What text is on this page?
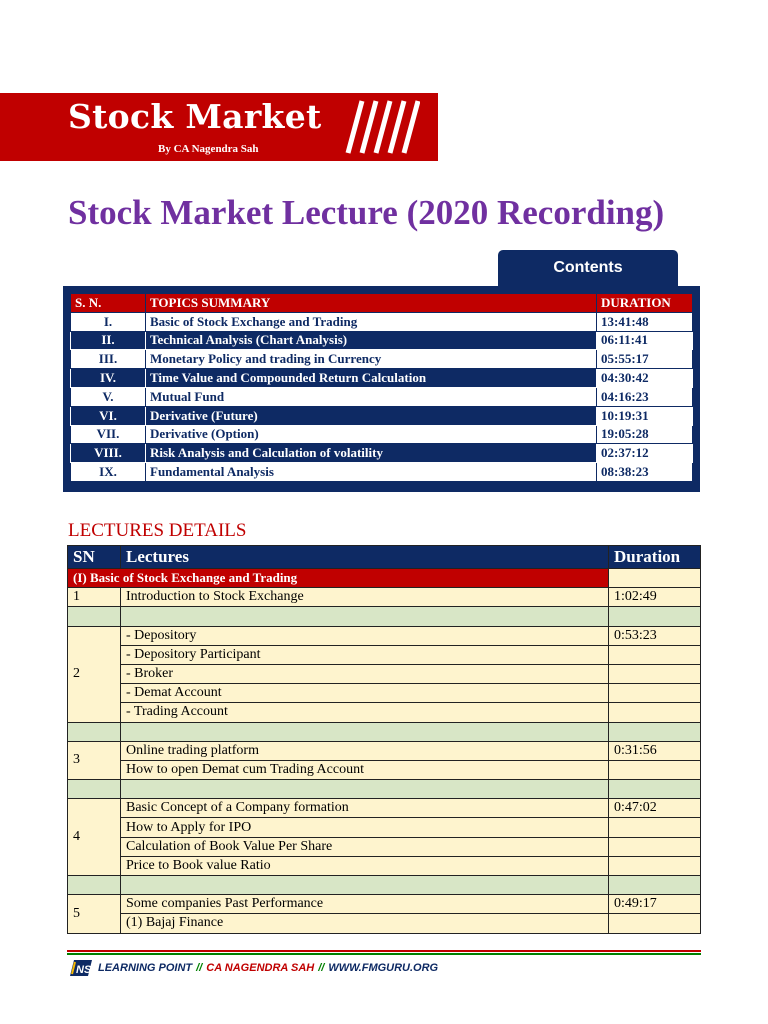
Stock Market
By CA Nagendra Sah
Stock Market Lecture (2020 Recording)
Contents
S. N.	TOPICS SUMMARY	DURATION
I.	Basic of Stock Exchange and Trading	13:41:48
II.	Technical Analysis (Chart Analysis)	06:11:41
III.	Monetary Policy and trading in Currency	05:55:17
IV.	Time Value and Compounded Return Calculation	04:30:42
V.	Mutual Fund	04:16:23
VI.	Derivative (Future)	10:19:31
VII.	Derivative (Option)	19:05:28
VIII.	Risk Analysis and Calculation of volatility	02:37:12
IX.	Fundamental Analysis	08:38:23
LECTURES DETAILS
SN	Lectures	Duration
(I) Basic of Stock Exchange and Trading		
1	Introduction to Stock Exchange	1:02:49

2	- Depository	0:53:23
	- Depository Participant	
	- Broker	
	- Demat Account	
	- Trading Account	

3	Online trading platform	0:31:56
	How to open Demat cum Trading Account	

4	Basic Concept of a Company formation	0:47:02
	How to Apply for IPO	
	Calculation of Book Value Per Share	
	Price to Book value Ratio	

5	Some companies Past Performance	0:49:17
	(1) Bajaj Finance	
NS LEARNING POINT // CA NAGENDRA SAH // WWW.FMGURU.ORG
